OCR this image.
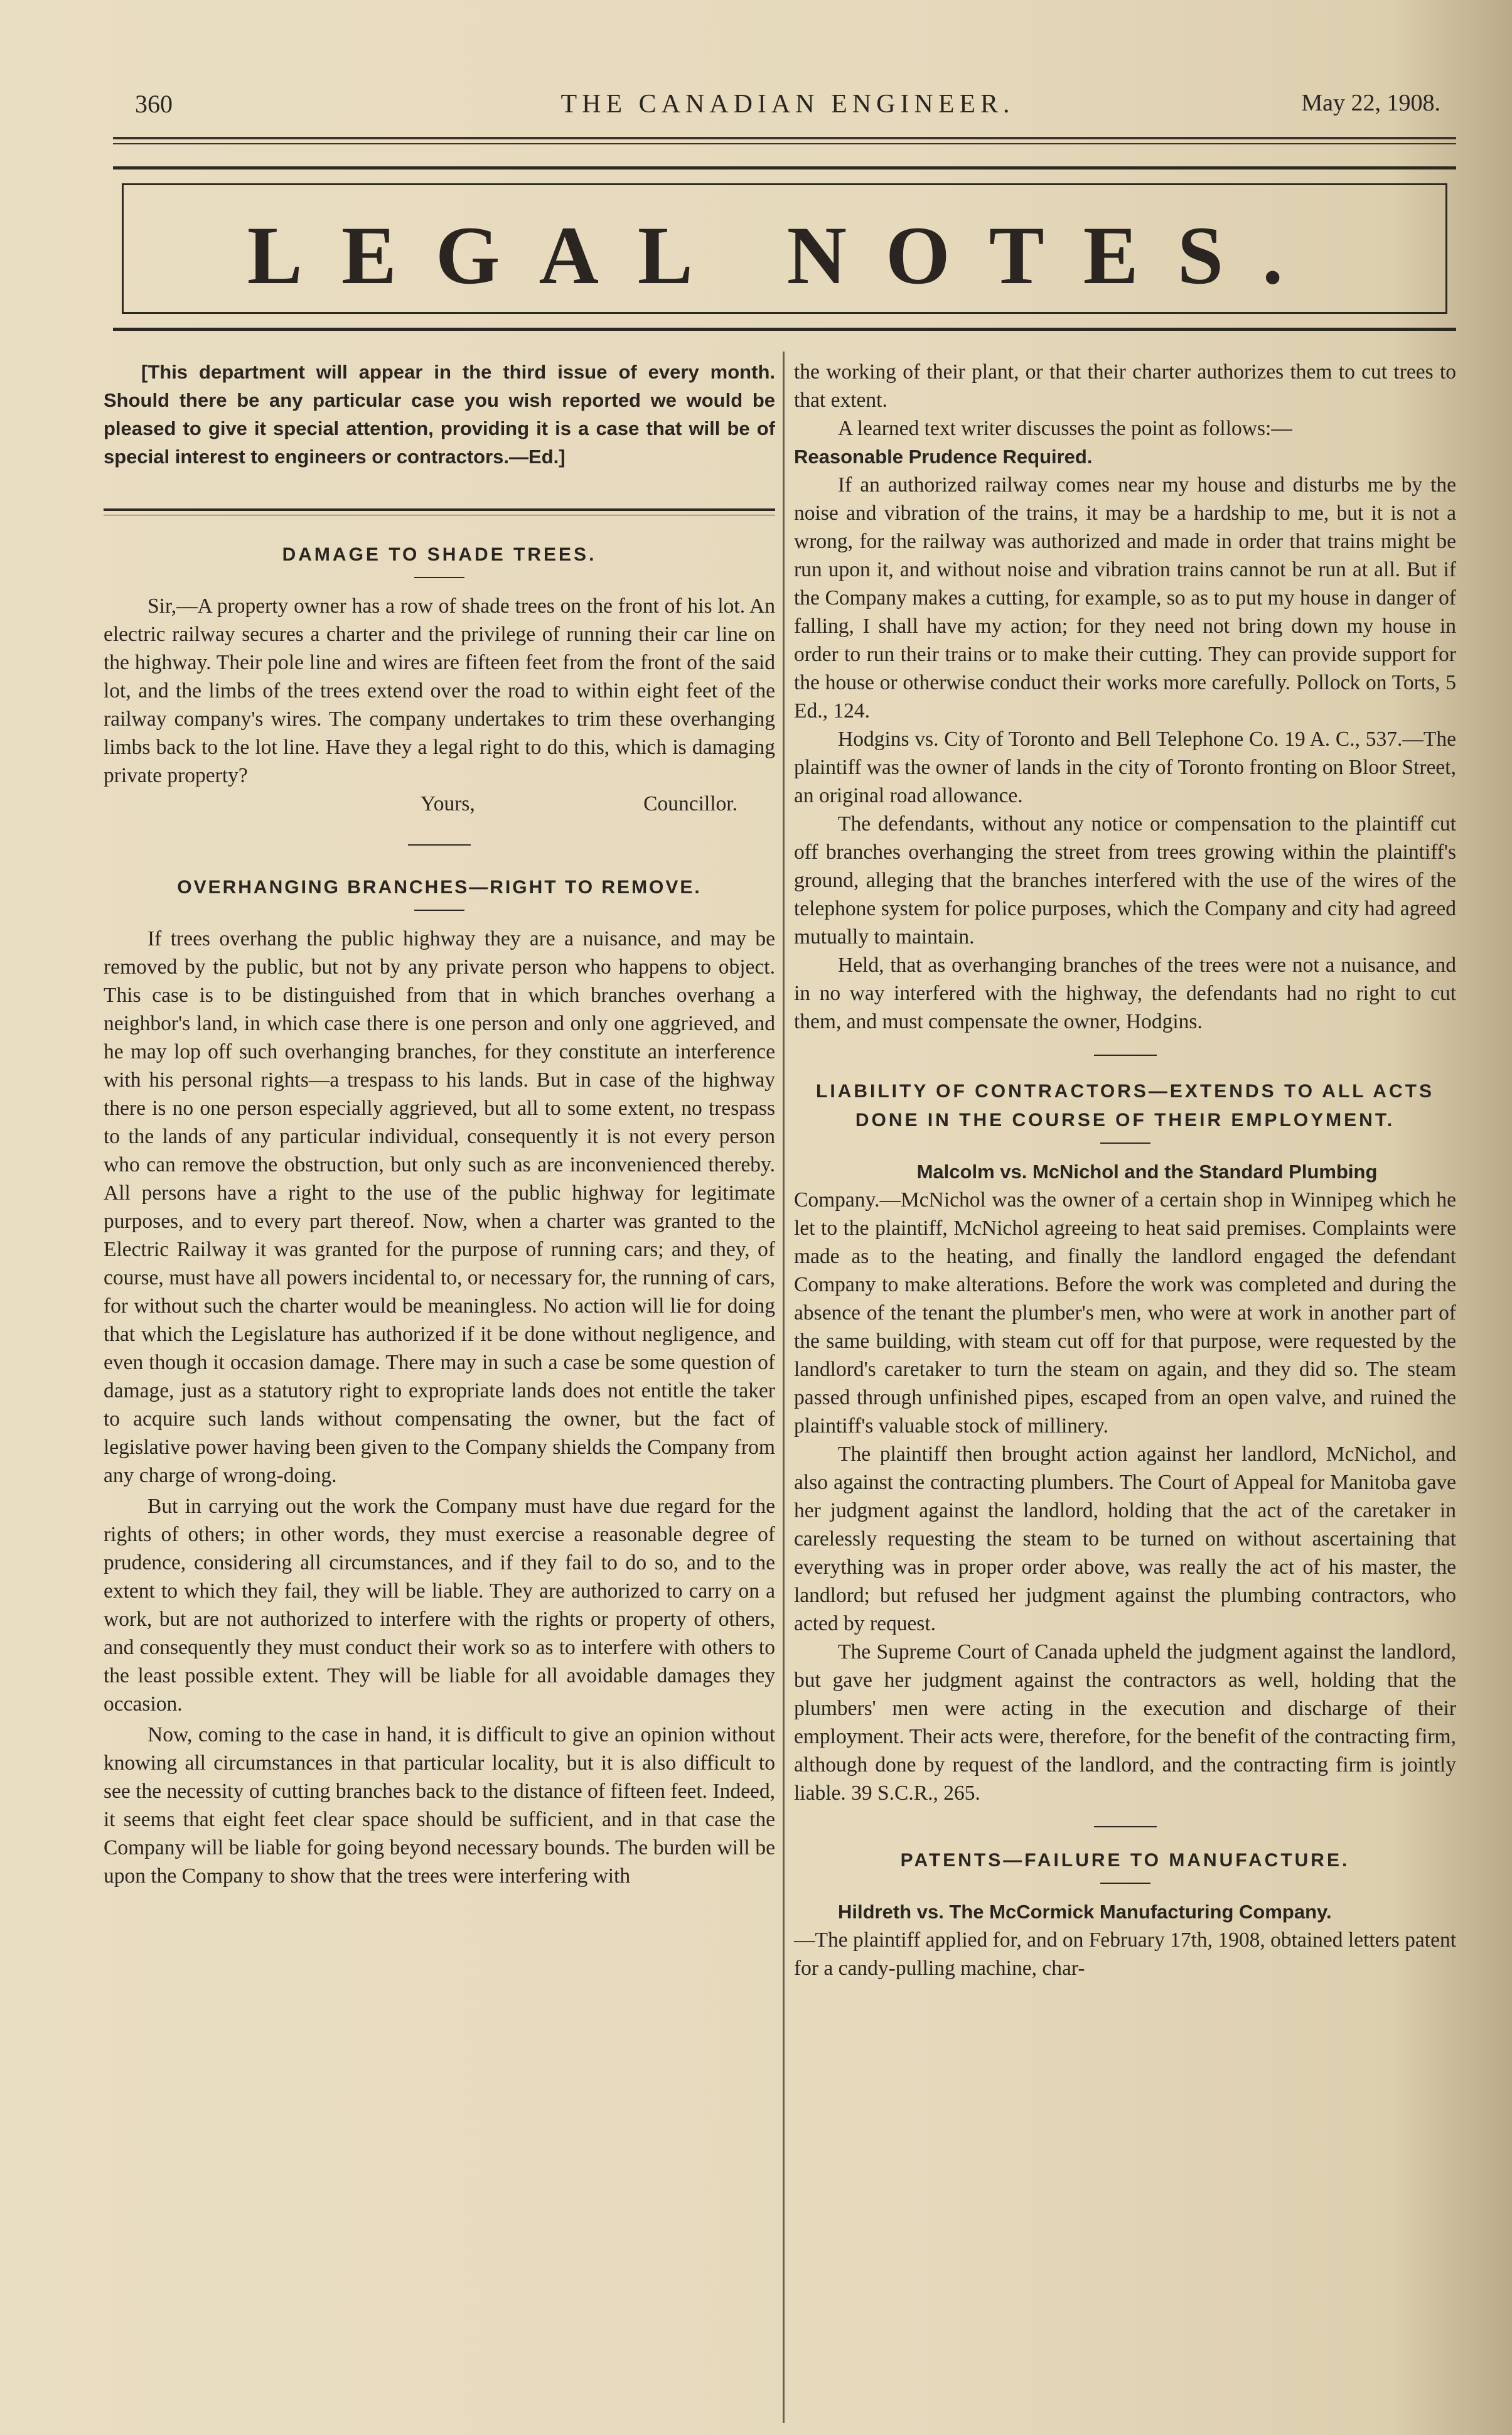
360	THE CANADIAN ENGINEER.	May 22, 1908.
LEGAL NOTES.

[This department will appear in the third issue of every month. Should there be any particular case you wish reported we would be pleased to give it special attention, providing it is a case that will be of special interest to engineers or contractors.—Ed.]

DAMAGE TO SHADE TREES.

Sir,—A property owner has a row of shade trees on the front of his lot. An electric railway secures a charter and the privilege of running their car line on the highway. Their pole line and wires are fifteen feet from the front of the said lot, and the limbs of the trees extend over the road to within eight feet of the railway company's wires. The company undertakes to trim these overhanging limbs back to the lot line. Have they a legal right to do this, which is damaging private property?

Yours,	Councillor.

OVERHANGING BRANCHES—RIGHT TO REMOVE.

If trees overhang the public highway they are a nuisance, and may be removed by the public, but not by any private person who happens to object. This case is to be distinguished from that in which branches overhang a neighbor's land, in which case there is one person and only one aggrieved, and he may lop off such overhanging branches, for they constitute an interference with his personal rights—a trespass to his lands. But in case of the highway there is no one person especially aggrieved, but all to some extent, no trespass to the lands of any particular individual, consequently it is not every person who can remove the obstruction, but only such as are inconvenienced thereby. All persons have a right to the use of the public highway for legitimate purposes, and to every part thereof. Now, when a charter was granted to the Electric Railway it was granted for the purpose of running cars; and they, of course, must have all powers incidental to, or necessary for, the running of cars, for without such the charter would be meaningless. No action will lie for doing that which the Legislature has authorized if it be done without negligence, and even though it occasion damage. There may in such a case be some question of damage, just as a statutory right to expropriate lands does not entitle the taker to acquire such lands without compensating the owner, but the fact of legislative power having been given to the Company shields the Company from any charge of wrong-doing.

But in carrying out the work the Company must have due regard for the rights of others; in other words, they must exercise a reasonable degree of prudence, considering all circumstances, and if they fail to do so, and to the extent to which they fail, they will be liable. They are authorized to carry on a work, but are not authorized to interfere with the rights or property of others, and consequently they must conduct their work so as to interfere with others to the least possible extent. They will be liable for all avoidable damages they occasion.

Now, coming to the case in hand, it is difficult to give an opinion without knowing all circumstances in that particular locality, but it is also difficult to see the necessity of cutting branches back to the distance of fifteen feet. Indeed, it seems that eight feet clear space should be sufficient, and in that case the Company will be liable for going beyond necessary bounds. The burden will be upon the Company to show that the trees were interfering with

the working of their plant, or that their charter authorizes them to cut trees to that extent.

A learned text writer discusses the point as follows:—

Reasonable Prudence Required.

If an authorized railway comes near my house and disturbs me by the noise and vibration of the trains, it may be a hardship to me, but it is not a wrong, for the railway was authorized and made in order that trains might be run upon it, and without noise and vibration trains cannot be run at all. But if the Company makes a cutting, for example, so as to put my house in danger of falling, I shall have my action; for they need not bring down my house in order to run their trains or to make their cutting. They can provide support for the house or otherwise conduct their works more carefully. Pollock on Torts, 5 Ed., 124.

Hodgins vs. City of Toronto and Bell Telephone Co. 19 A. C., 537.—The plaintiff was the owner of lands in the city of Toronto fronting on Bloor Street, an original road allowance.

The defendants, without any notice or compensation to the plaintiff cut off branches overhanging the street from trees growing within the plaintiff's ground, alleging that the branches interfered with the use of the wires of the telephone system for police purposes, which the Company and city had agreed mutually to maintain.

Held, that as overhanging branches of the trees were not a nuisance, and in no way interfered with the highway, the defendants had no right to cut them, and must compensate the owner, Hodgins.

LIABILITY OF CONTRACTORS—EXTENDS TO ALL ACTS DONE IN THE COURSE OF THEIR EMPLOYMENT.

Malcolm vs. McNichol and the Standard Plumbing

Company.—McNichol was the owner of a certain shop in Winnipeg which he let to the plaintiff, McNichol agreeing to heat said premises. Complaints were made as to the heating, and finally the landlord engaged the defendant Company to make alterations. Before the work was completed and during the absence of the tenant the plumber's men, who were at work in another part of the same building, with steam cut off for that purpose, were requested by the landlord's caretaker to turn the steam on again, and they did so. The steam passed through unfinished pipes, escaped from an open valve, and ruined the plaintiff's valuable stock of millinery.

The plaintiff then brought action against her landlord, McNichol, and also against the contracting plumbers. The Court of Appeal for Manitoba gave her judgment against the landlord, holding that the act of the caretaker in carelessly requesting the steam to be turned on without ascertaining that everything was in proper order above, was really the act of his master, the landlord; but refused her judgment against the plumbing contractors, who acted by request.

The Supreme Court of Canada upheld the judgment against the landlord, but gave her judgment against the contractors as well, holding that the plumbers' men were acting in the execution and discharge of their employment. Their acts were, therefore, for the benefit of the contracting firm, although done by request of the landlord, and the contracting firm is jointly liable. 39 S.C.R., 265.

PATENTS—FAILURE TO MANUFACTURE.

Hildreth vs. The McCormick Manufacturing Company.

—The plaintiff applied for, and on February 17th, 1908, obtained letters patent for a candy-pulling machine, char-
